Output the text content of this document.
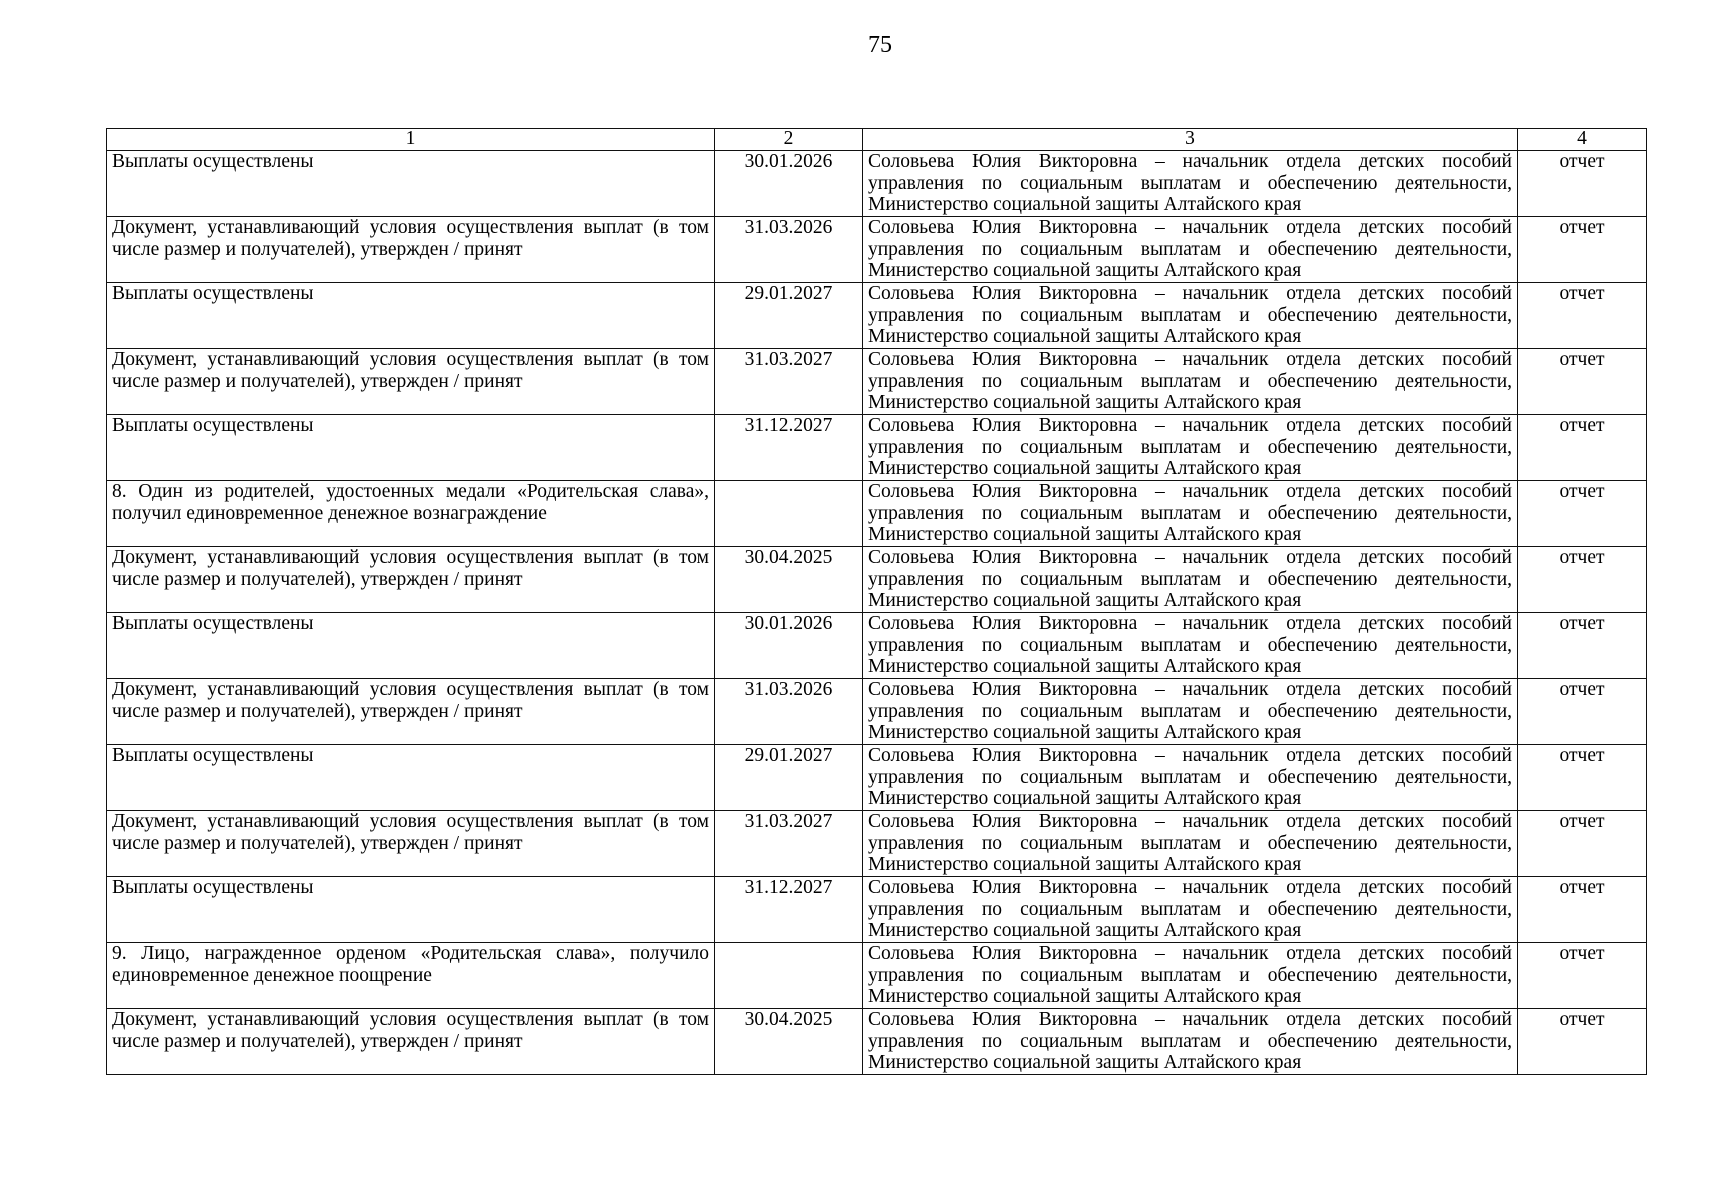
75
1	2	3	4
Выплаты осуществлены	30.01.2026	Соловьева Юлия Викторовна – начальник отдела детских пособий управления по социальным выплатам и обеспечению деятельности, Министерство социальной защиты Алтайского края	отчет
Документ, устанавливающий условия осуществления выплат (в том числе размер и получателей), утвержден / принят	31.03.2026	Соловьева Юлия Викторовна – начальник отдела детских пособий управления по социальным выплатам и обеспечению деятельности, Министерство социальной защиты Алтайского края	отчет
Выплаты осуществлены	29.01.2027	Соловьева Юлия Викторовна – начальник отдела детских пособий управления по социальным выплатам и обеспечению деятельности, Министерство социальной защиты Алтайского края	отчет
Документ, устанавливающий условия осуществления выплат (в том числе размер и получателей), утвержден / принят	31.03.2027	Соловьева Юлия Викторовна – начальник отдела детских пособий управления по социальным выплатам и обеспечению деятельности, Министерство социальной защиты Алтайского края	отчет
Выплаты осуществлены	31.12.2027	Соловьева Юлия Викторовна – начальник отдела детских пособий управления по социальным выплатам и обеспечению деятельности, Министерство социальной защиты Алтайского края	отчет
8. Один из родителей, удостоенных медали «Родительская слава», получил единовременное денежное вознаграждение		Соловьева Юлия Викторовна – начальник отдела детских пособий управления по социальным выплатам и обеспечению деятельности, Министерство социальной защиты Алтайского края	отчет
Документ, устанавливающий условия осуществления выплат (в том числе размер и получателей), утвержден / принят	30.04.2025	Соловьева Юлия Викторовна – начальник отдела детских пособий управления по социальным выплатам и обеспечению деятельности, Министерство социальной защиты Алтайского края	отчет
Выплаты осуществлены	30.01.2026	Соловьева Юлия Викторовна – начальник отдела детских пособий управления по социальным выплатам и обеспечению деятельности, Министерство социальной защиты Алтайского края	отчет
Документ, устанавливающий условия осуществления выплат (в том числе размер и получателей), утвержден / принят	31.03.2026	Соловьева Юлия Викторовна – начальник отдела детских пособий управления по социальным выплатам и обеспечению деятельности, Министерство социальной защиты Алтайского края	отчет
Выплаты осуществлены	29.01.2027	Соловьева Юлия Викторовна – начальник отдела детских пособий управления по социальным выплатам и обеспечению деятельности, Министерство социальной защиты Алтайского края	отчет
Документ, устанавливающий условия осуществления выплат (в том числе размер и получателей), утвержден / принят	31.03.2027	Соловьева Юлия Викторовна – начальник отдела детских пособий управления по социальным выплатам и обеспечению деятельности, Министерство социальной защиты Алтайского края	отчет
Выплаты осуществлены	31.12.2027	Соловьева Юлия Викторовна – начальник отдела детских пособий управления по социальным выплатам и обеспечению деятельности, Министерство социальной защиты Алтайского края	отчет
9. Лицо, награжденное орденом «Родительская слава», получило единовременное денежное поощрение		Соловьева Юлия Викторовна – начальник отдела детских пособий управления по социальным выплатам и обеспечению деятельности, Министерство социальной защиты Алтайского края	отчет
Документ, устанавливающий условия осуществления выплат (в том числе размер и получателей), утвержден / принят	30.04.2025	Соловьева Юлия Викторовна – начальник отдела детских пособий управления по социальным выплатам и обеспечению деятельности, Министерство социальной защиты Алтайского края	отчет
